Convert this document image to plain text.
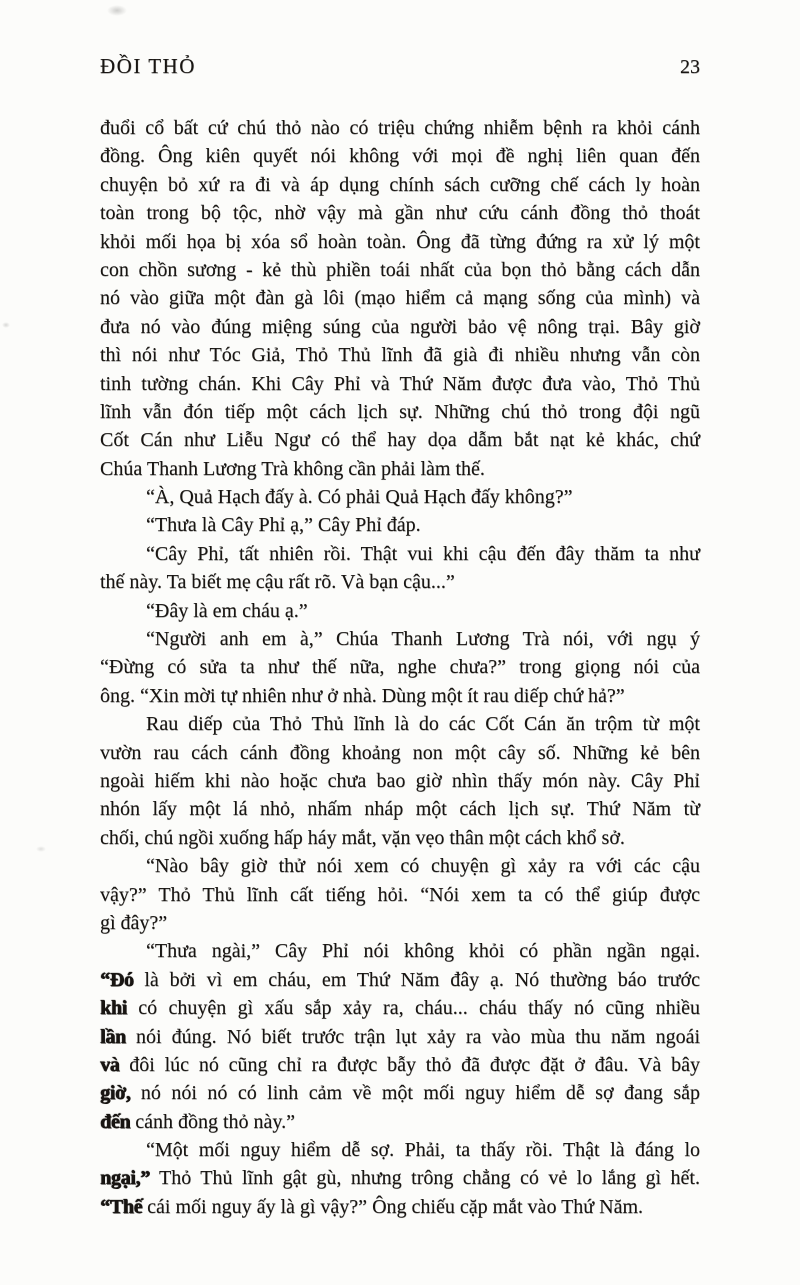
ĐỒI THỎ	23
đuổi cổ bất cứ chú thỏ nào có triệu chứng nhiễm bệnh ra khỏi cánh
đồng. Ông kiên quyết nói không với mọi đề nghị liên quan đến
chuyện bỏ xứ ra đi và áp dụng chính sách cưỡng chế cách ly hoàn
toàn trong bộ tộc, nhờ vậy mà gần như cứu cánh đồng thỏ thoát
khỏi mối họa bị xóa sổ hoàn toàn. Ông đã từng đứng ra xử lý một
con chồn sương - kẻ thù phiền toái nhất của bọn thỏ bằng cách dẫn
nó vào giữa một đàn gà lôi (mạo hiểm cả mạng sống của mình) và
đưa nó vào đúng miệng súng của người bảo vệ nông trại. Bây giờ
thì nói như Tóc Giả, Thỏ Thủ lĩnh đã già đi nhiều nhưng vẫn còn
tinh tường chán. Khi Cây Phỉ và Thứ Năm được đưa vào, Thỏ Thủ
lĩnh vẫn đón tiếp một cách lịch sự. Những chú thỏ trong đội ngũ
Cốt Cán như Liễu Ngư có thể hay dọa dẫm bắt nạt kẻ khác, chứ
Chúa Thanh Lương Trà không cần phải làm thế.
“À, Quả Hạch đấy à. Có phải Quả Hạch đấy không?”
“Thưa là Cây Phỉ ạ,” Cây Phỉ đáp.
“Cây Phỉ, tất nhiên rồi. Thật vui khi cậu đến đây thăm ta như
thế này. Ta biết mẹ cậu rất rõ. Và bạn cậu...”
“Đây là em cháu ạ.”
“Người anh em à,” Chúa Thanh Lương Trà nói, với ngụ ý
“Đừng có sửa ta như thế nữa, nghe chưa?” trong giọng nói của
ông. “Xin mời tự nhiên như ở nhà. Dùng một ít rau diếp chứ hả?”
Rau diếp của Thỏ Thủ lĩnh là do các Cốt Cán ăn trộm từ một
vườn rau cách cánh đồng khoảng non một cây số. Những kẻ bên
ngoài hiếm khi nào hoặc chưa bao giờ nhìn thấy món này. Cây Phỉ
nhón lấy một lá nhỏ, nhấm nháp một cách lịch sự. Thứ Năm từ
chối, chú ngồi xuống hấp háy mắt, vặn vẹo thân một cách khổ sở.
“Nào bây giờ thử nói xem có chuyện gì xảy ra với các cậu
vậy?” Thỏ Thủ lĩnh cất tiếng hỏi. “Nói xem ta có thể giúp được
gì đây?”
“Thưa ngài,” Cây Phỉ nói không khỏi có phần ngần ngại.
“Đó là bởi vì em cháu, em Thứ Năm đây ạ. Nó thường báo trước
khi có chuyện gì xấu sắp xảy ra, cháu... cháu thấy nó cũng nhiều
lần nói đúng. Nó biết trước trận lụt xảy ra vào mùa thu năm ngoái
và đôi lúc nó cũng chỉ ra được bẫy thỏ đã được đặt ở đâu. Và bây
giờ, nó nói nó có linh cảm về một mối nguy hiểm dễ sợ đang sắp
đến cánh đồng thỏ này.”
“Một mối nguy hiểm dễ sợ. Phải, ta thấy rồi. Thật là đáng lo
ngại,” Thỏ Thủ lĩnh gật gù, nhưng trông chẳng có vẻ lo lắng gì hết.
“Thế cái mối nguy ấy là gì vậy?” Ông chiếu cặp mắt vào Thứ Năm.
